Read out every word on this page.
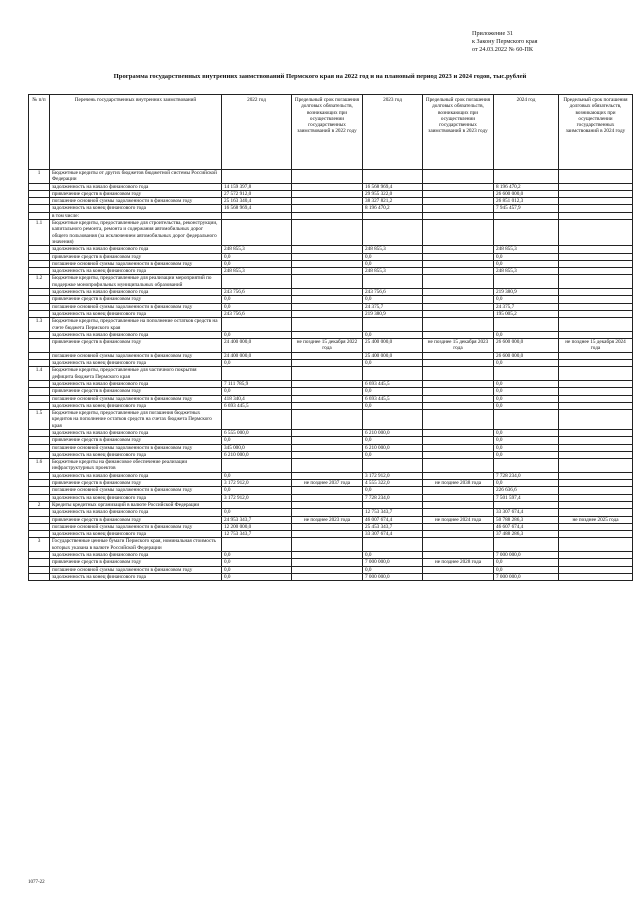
Приложение 31
к Закону Пермского края
от 24.03.2022 № 60-ПК
Программа государственных внутренних заимствований Пермского края на 2022 год и на плановый период 2023 и 2024 годов, тыс.рублей
№ п/п	Перечень государственных внутренних заимствований	2022 год	Предельный срок погашения долговых обязательств, возникающих при осуществлении государственных заимствований в 2022 году	2023 год	Предельный срок погашения долговых обязательств, возникающих при осуществлении государственных заимствований в 2023 году	2024 год	Предельный срок погашения долговых обязательств, возникающих при осуществлении государственных заимствований в 2024 году
1	Бюджетные кредиты от других бюджетов бюджетной системы Российской Федерации						
	задолженность на начало финансового года	14 159 397,8		16 568 969,4		8 196 470,2	
	привлечение средств в финансовом году	27 572 912,0		29 955 322,0		26 600 000,0	
	погашение основной суммы задолженности в финансовом году	25 163 340,4		38 327 821,2		26 851 012,3	
	задолженность на конец финансового года	16 568 969,4		8 196 470,2		7 945 457,9	
	в том числе:						
1.1	Бюджетные кредиты, предоставленные для строительства, реконструкции, капитального ремонта, ремонта и содержания автомобильных дорог общего пользования (за исключением автомобильных дорог федерального значения)						
	задолженность на начало финансового года	248 855,3		248 855,3		248 855,3	
	привлечение средств в финансовом году	0,0		0,0		0,0	
	погашение основной суммы задолженности в финансовом году	0,0		0,0		0,0	
	задолженность на конец финансового года	248 855,3		248 855,3		248 855,3	
1.2	Бюджетные кредиты, предоставленные для реализации мероприятий по поддержке монопрофильных муниципальных образований						
	задолженность на начало финансового года	243 756,6		243 756,6		219 380,9	
	привлечение средств в финансовом году	0,0		0,0		0,0	
	погашение основной суммы задолженности в финансовом году	0,0		24 375,7		24 375,7	
	задолженность на конец финансового года	243 756,6		219 380,9		195 005,2	
1.3	Бюджетные кредиты, предоставленные на пополнение остатков средств на счете бюджета Пермского края						
	задолженность на начало финансового года	0,0		0,0		0,0	
	привлечение средств в финансовом году	24 400 000,0	не позднее 15 декабря 2022 года	25 400 000,0	не позднее 15 декабря 2023 года	26 600 000,0	не позднее 15 декабря 2024 года
	погашение основной суммы задолженности в финансовом году	24 400 000,0		25 400 000,0		26 600 000,0	
	задолженность на конец финансового года	0,0		0,0		0,0	
1.4	Бюджетные кредиты, предоставленные для частичного покрытия дефицита бюджета Пермского края						
	задолженность на начало финансового года	7 111 785,9		6 693 445,5		0,0	
	привлечение средств в финансовом году	0,0		0,0		0,0	
	погашение основной суммы задолженности в финансовом году	418 340,4		6 693 445,5		0,0	
	задолженность на конец финансового года	6 693 445,5		0,0		0,0	
1.5	Бюджетные кредиты, предоставленные для погашения бюджетных кредитов на пополнение остатков средств на счетах бюджета Пермского края						
	задолженность на начало финансового года	6 555 000,0		6 210 000,0		0,0	
	привлечение средств в финансовом году	0,0		0,0		0,0	
	погашение основной суммы задолженности в финансовом году	345 000,0		6 210 000,0		0,0	
	задолженность на конец финансового года	6 210 000,0		0,0		0,0	
1.6	Бюджетные кредиты на финансовое обеспечение реализации инфраструктурных проектов						
	задолженность на начало финансового года	0,0		3 172 912,0		7 728 234,0	
	привлечение средств в финансовом году	3 172 912,0	не позднее 2037 года	4 555 322,0	не позднее 2038 года	0,0	
	погашение основной суммы задолженности в финансовом году	0,0		0,0		226 636,6	
	задолженность на конец финансового года	3 172 912,0		7 728 234,0		7 501 597,4	
2	Кредиты кредитных организаций в валюте Российской Федерации						
	задолженность на начало финансового года	0,0		12 753 343,7		33 307 674,4	
	привлечение средств в финансовом году	24 953 343,7	не позднее 2023 года	46 007 674,4	не позднее 2024 года	50 788 286,3	не позднее 2025 года
	погашение основной суммы задолженности в финансовом году	12 200 000,0		25 453 343,7		46 607 674,4	
	задолженность на конец финансового года	12 753 343,7		33 307 674,4		37 488 286,3	
3	Государственные ценные бумаги Пермского края, номинальная стоимость которых указана в валюте Российской Федерации						
	задолженность на начало финансового года	0,0		0,0		7 000 000,0	
	привлечение средств в финансовом году	0,0		7 000 000,0	не позднее 2028 года	0,0	
	погашение основной суммы задолженности в финансовом году	0,0		0,0		0,0	
	задолженность на конец финансового года	0,0		7 000 000,0		7 000 000,0	
1077-22
